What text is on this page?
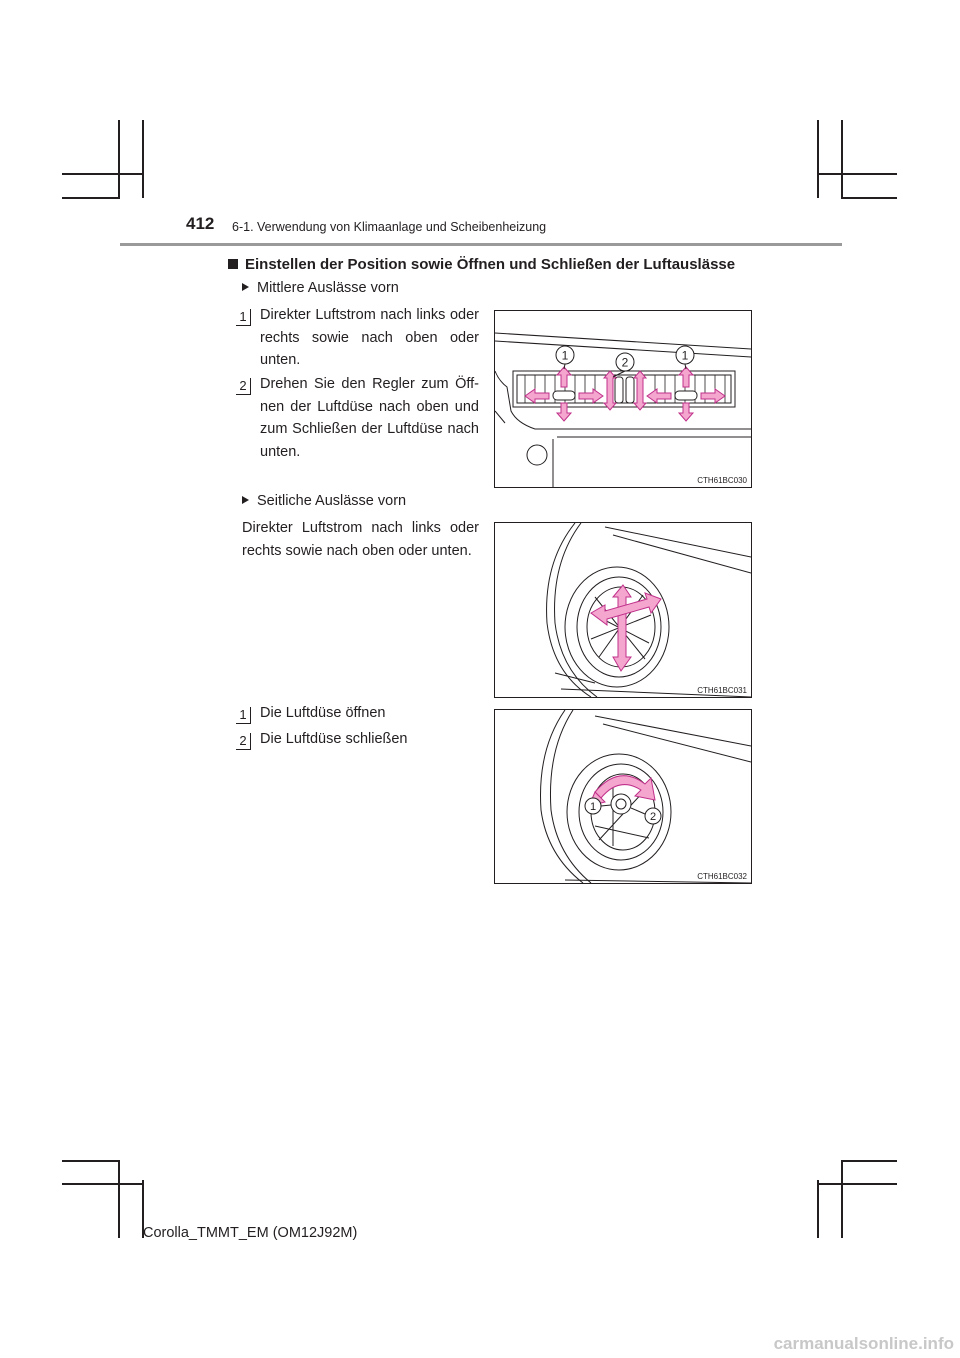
412 6-1. Verwendung von Klimaanlage und Scheibenheizung
Einstellen der Position sowie Öffnen und Schließen der Luftauslässe
Mittlere Auslässe vorn
1 Direkter Luftstrom nach links oder rechts sowie nach oben oder unten.
2 Drehen Sie den Regler zum Öff-nen der Luftdüse nach oben und zum Schließen der Luftdüse nach unten.
1	2	1
CTH61BC030
Seitliche Auslässe vorn
Direkter Luftstrom nach links oder rechts sowie nach oben oder unten.
CTH61BC031
1 Die Luftdüse öffnen
2 Die Luftdüse schließen
1
2
CTH61BC032
Corolla_TMMT_EM (OM12J92M)
carmanualsonline.info
